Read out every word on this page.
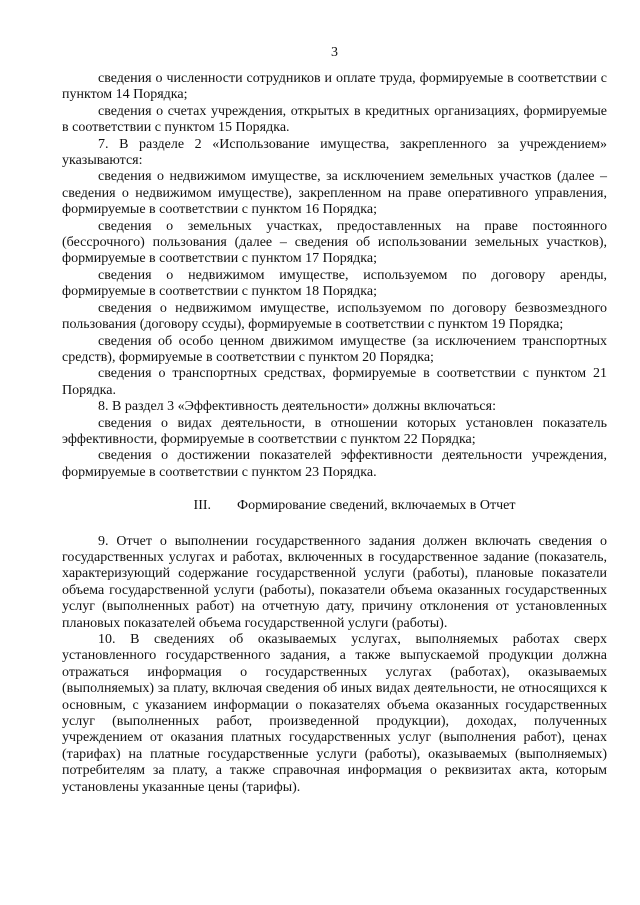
3

сведения о численности сотрудников и оплате труда, формируемые в соответствии с пунктом 14 Порядка;

сведения о счетах учреждения, открытых в кредитных организациях, формируемые в соответствии с пунктом 15 Порядка.

7. В разделе 2 «Использование имущества, закрепленного за учреждением» указываются:

сведения о недвижимом имуществе, за исключением земельных участков (далее – сведения о недвижимом имуществе), закрепленном на праве оперативного управления, формируемые в соответствии с пунктом 16 Порядка;

сведения о земельных участках, предоставленных на праве постоянного (бессрочного) пользования (далее – сведения об использовании земельных участков), формируемые в соответствии с пунктом 17 Порядка;

сведения о недвижимом имуществе, используемом по договору аренды, формируемые в соответствии с пунктом 18 Порядка;

сведения о недвижимом имуществе, используемом по договору безвозмездного пользования (договору ссуды), формируемые в соответствии с пунктом 19 Порядка;

сведения об особо ценном движимом имуществе (за исключением транспортных средств), формируемые в соответствии с пунктом 20 Порядка;

сведения о транспортных средствах, формируемые в соответствии с пунктом 21 Порядка.

8. В раздел 3 «Эффективность деятельности» должны включаться:

сведения о видах деятельности, в отношении которых установлен показатель эффективности, формируемые в соответствии с пунктом 22 Порядка;

сведения о достижении показателей эффективности деятельности учреждения, формируемые в соответствии с пунктом 23 Порядка.

III. Формирование сведений, включаемых в Отчет

9. Отчет о выполнении государственного задания должен включать сведения о государственных услугах и работах, включенных в государственное задание (показатель, характеризующий содержание государственной услуги (работы), плановые показатели объема государственной услуги (работы), показатели объема оказанных государственных услуг (выполненных работ) на отчетную дату, причину отклонения от установленных плановых показателей объема государственной услуги (работы).

10. В сведениях об оказываемых услугах, выполняемых работах сверх установленного государственного задания, а также выпускаемой продукции должна отражаться информация о государственных услугах (работах), оказываемых (выполняемых) за плату, включая сведения об иных видах деятельности, не относящихся к основным, с указанием информации о показателях объема оказанных государственных услуг (выполненных работ, произведенной продукции), доходах, полученных учреждением от оказания платных государственных услуг (выполнения работ), ценах (тарифах) на платные государственные услуги (работы), оказываемых (выполняемых) потребителям за плату, а также справочная информация о реквизитах акта, которым установлены указанные цены (тарифы).
